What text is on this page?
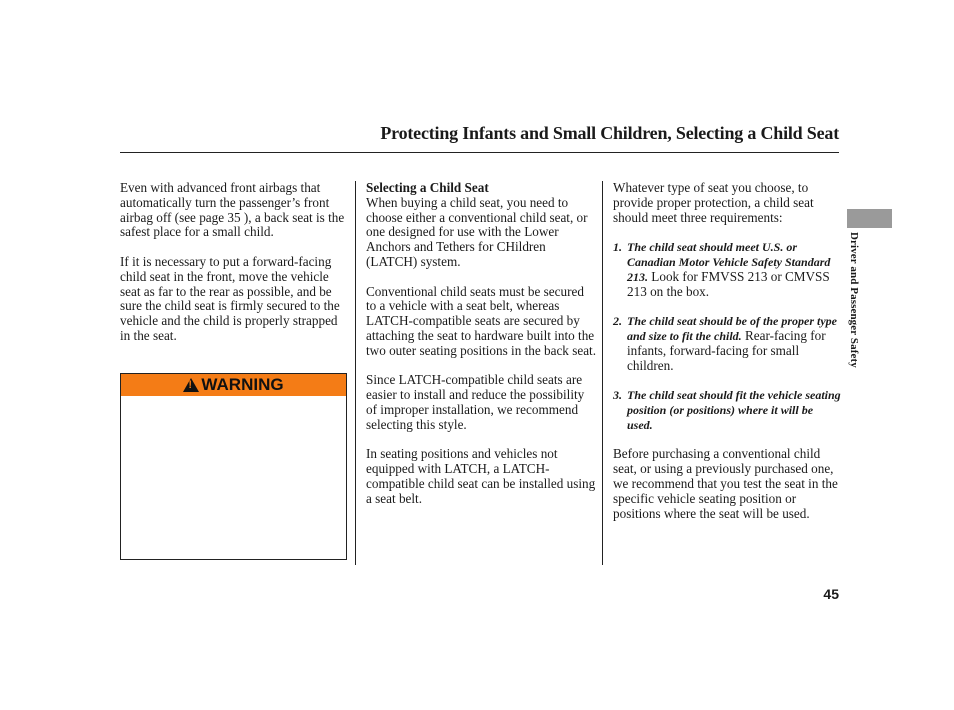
Protecting Infants and Small Children, Selecting a Child Seat

Even with advanced front airbags that automatically turn the passenger’s front airbag off (see page 35 ), a back seat is the safest place for a small child.

If it is necessary to put a forward-facing child seat in the front, move the vehicle seat as far to the rear as possible, and be sure the child seat is firmly secured to the vehicle and the child is properly strapped in the seat.

!
WARNING

Selecting a Child Seat
When buying a child seat, you need to choose either a conventional child seat, or one designed for use with the Lower Anchors and Tethers for CHildren (LATCH) system.

Conventional child seats must be secured to a vehicle with a seat belt, whereas LATCH-compatible seats are secured by attaching the seat to hardware built into the two outer seating positions in the back seat.

Since LATCH-compatible child seats are easier to install and reduce the possibility of improper installation, we recommend selecting this style.

In seating positions and vehicles not equipped with LATCH, a LATCH-compatible child seat can be installed using a seat belt.

Whatever type of seat you choose, to provide proper protection, a child seat should meet three requirements:

1. The child seat should meet U.S. or Canadian Motor Vehicle Safety Standard 213. Look for FMVSS 213 or CMVSS 213 on the box.
2. The child seat should be of the proper type and size to fit the child. Rear-facing for infants, forward-facing for small children.
3. The child seat should fit the vehicle seating position (or positions) where it will be used.

Before purchasing a conventional child seat, or using a previously purchased one, we recommend that you test the seat in the specific vehicle seating position or positions where the seat will be used.

Driver and Passenger Safety
45
